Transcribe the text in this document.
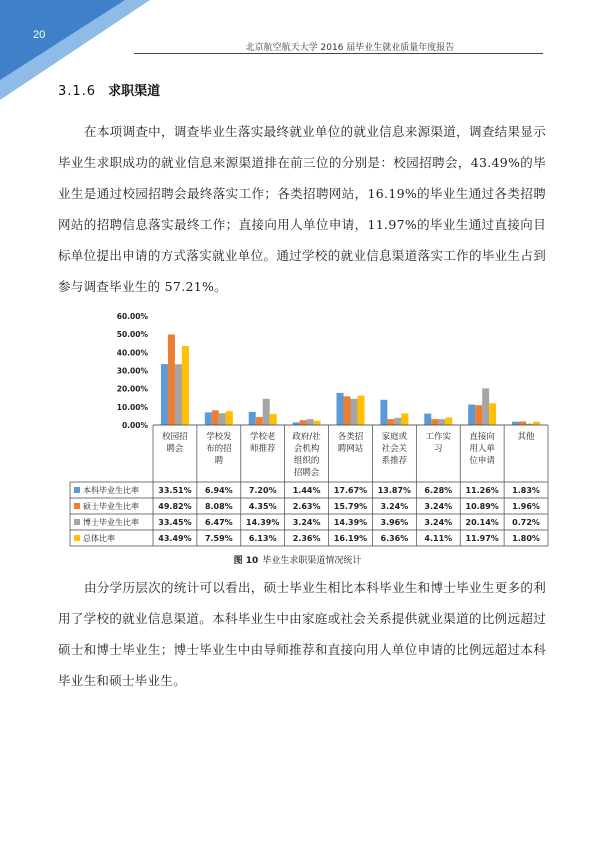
20
北京航空航天大学 2016 届毕业生就业质量年度报告
3.1.6 求职渠道

在本项调查中，调查毕业生落实最终就业单位的就业信息来源渠道，调查结果显示毕业生求职成功的就业信息来源渠道排在前三位的分别是：校园招聘会，43.49%的毕业生是通过校园招聘会最终落实工作；各类招聘网站，16.19%的毕业生通过各类招聘网站的招聘信息落实最终工作；直接向用人单位申请，11.97%的毕业生通过直接向目标单位提出申请的方式落实就业单位。通过学校的就业信息渠道落实工作的毕业生占到参与调查毕业生的 57.21%。

60.00%
50.00%
40.00%
30.00%
20.00%
10.00%
0.00%
校园招聘会
学校发布的招聘
学校老师推荐
政府/社会机构组织的招聘会
各类招聘网站
家庭或社会关系推荐
工作实习
直接向用人单位申请
其他
本科毕业生比率 33.51% 6.94% 7.20% 1.44% 17.67% 13.87% 6.28% 11.26% 1.83%
硕士毕业生比率 49.82% 8.08% 4.35% 2.63% 15.79% 3.24% 3.24% 10.89% 1.96%
博士毕业生比率 33.45% 6.47% 14.39% 3.24% 14.39% 3.96% 3.24% 20.14% 0.72%
总体比率	43.49% 7.59% 6.13% 2.36% 16.19% 6.36% 4.11% 11.97% 1.80%
图 10 毕业生求职渠道情况统计

由分学历层次的统计可以看出，硕士毕业生相比本科毕业生和博士毕业生更多的利用了学校的就业信息渠道。本科毕业生中由家庭或社会关系提供就业渠道的比例远超过硕士和博士毕业生；博士毕业生中由导师推荐和直接向用人单位申请的比例远超过本科毕业生和硕士毕业生。
